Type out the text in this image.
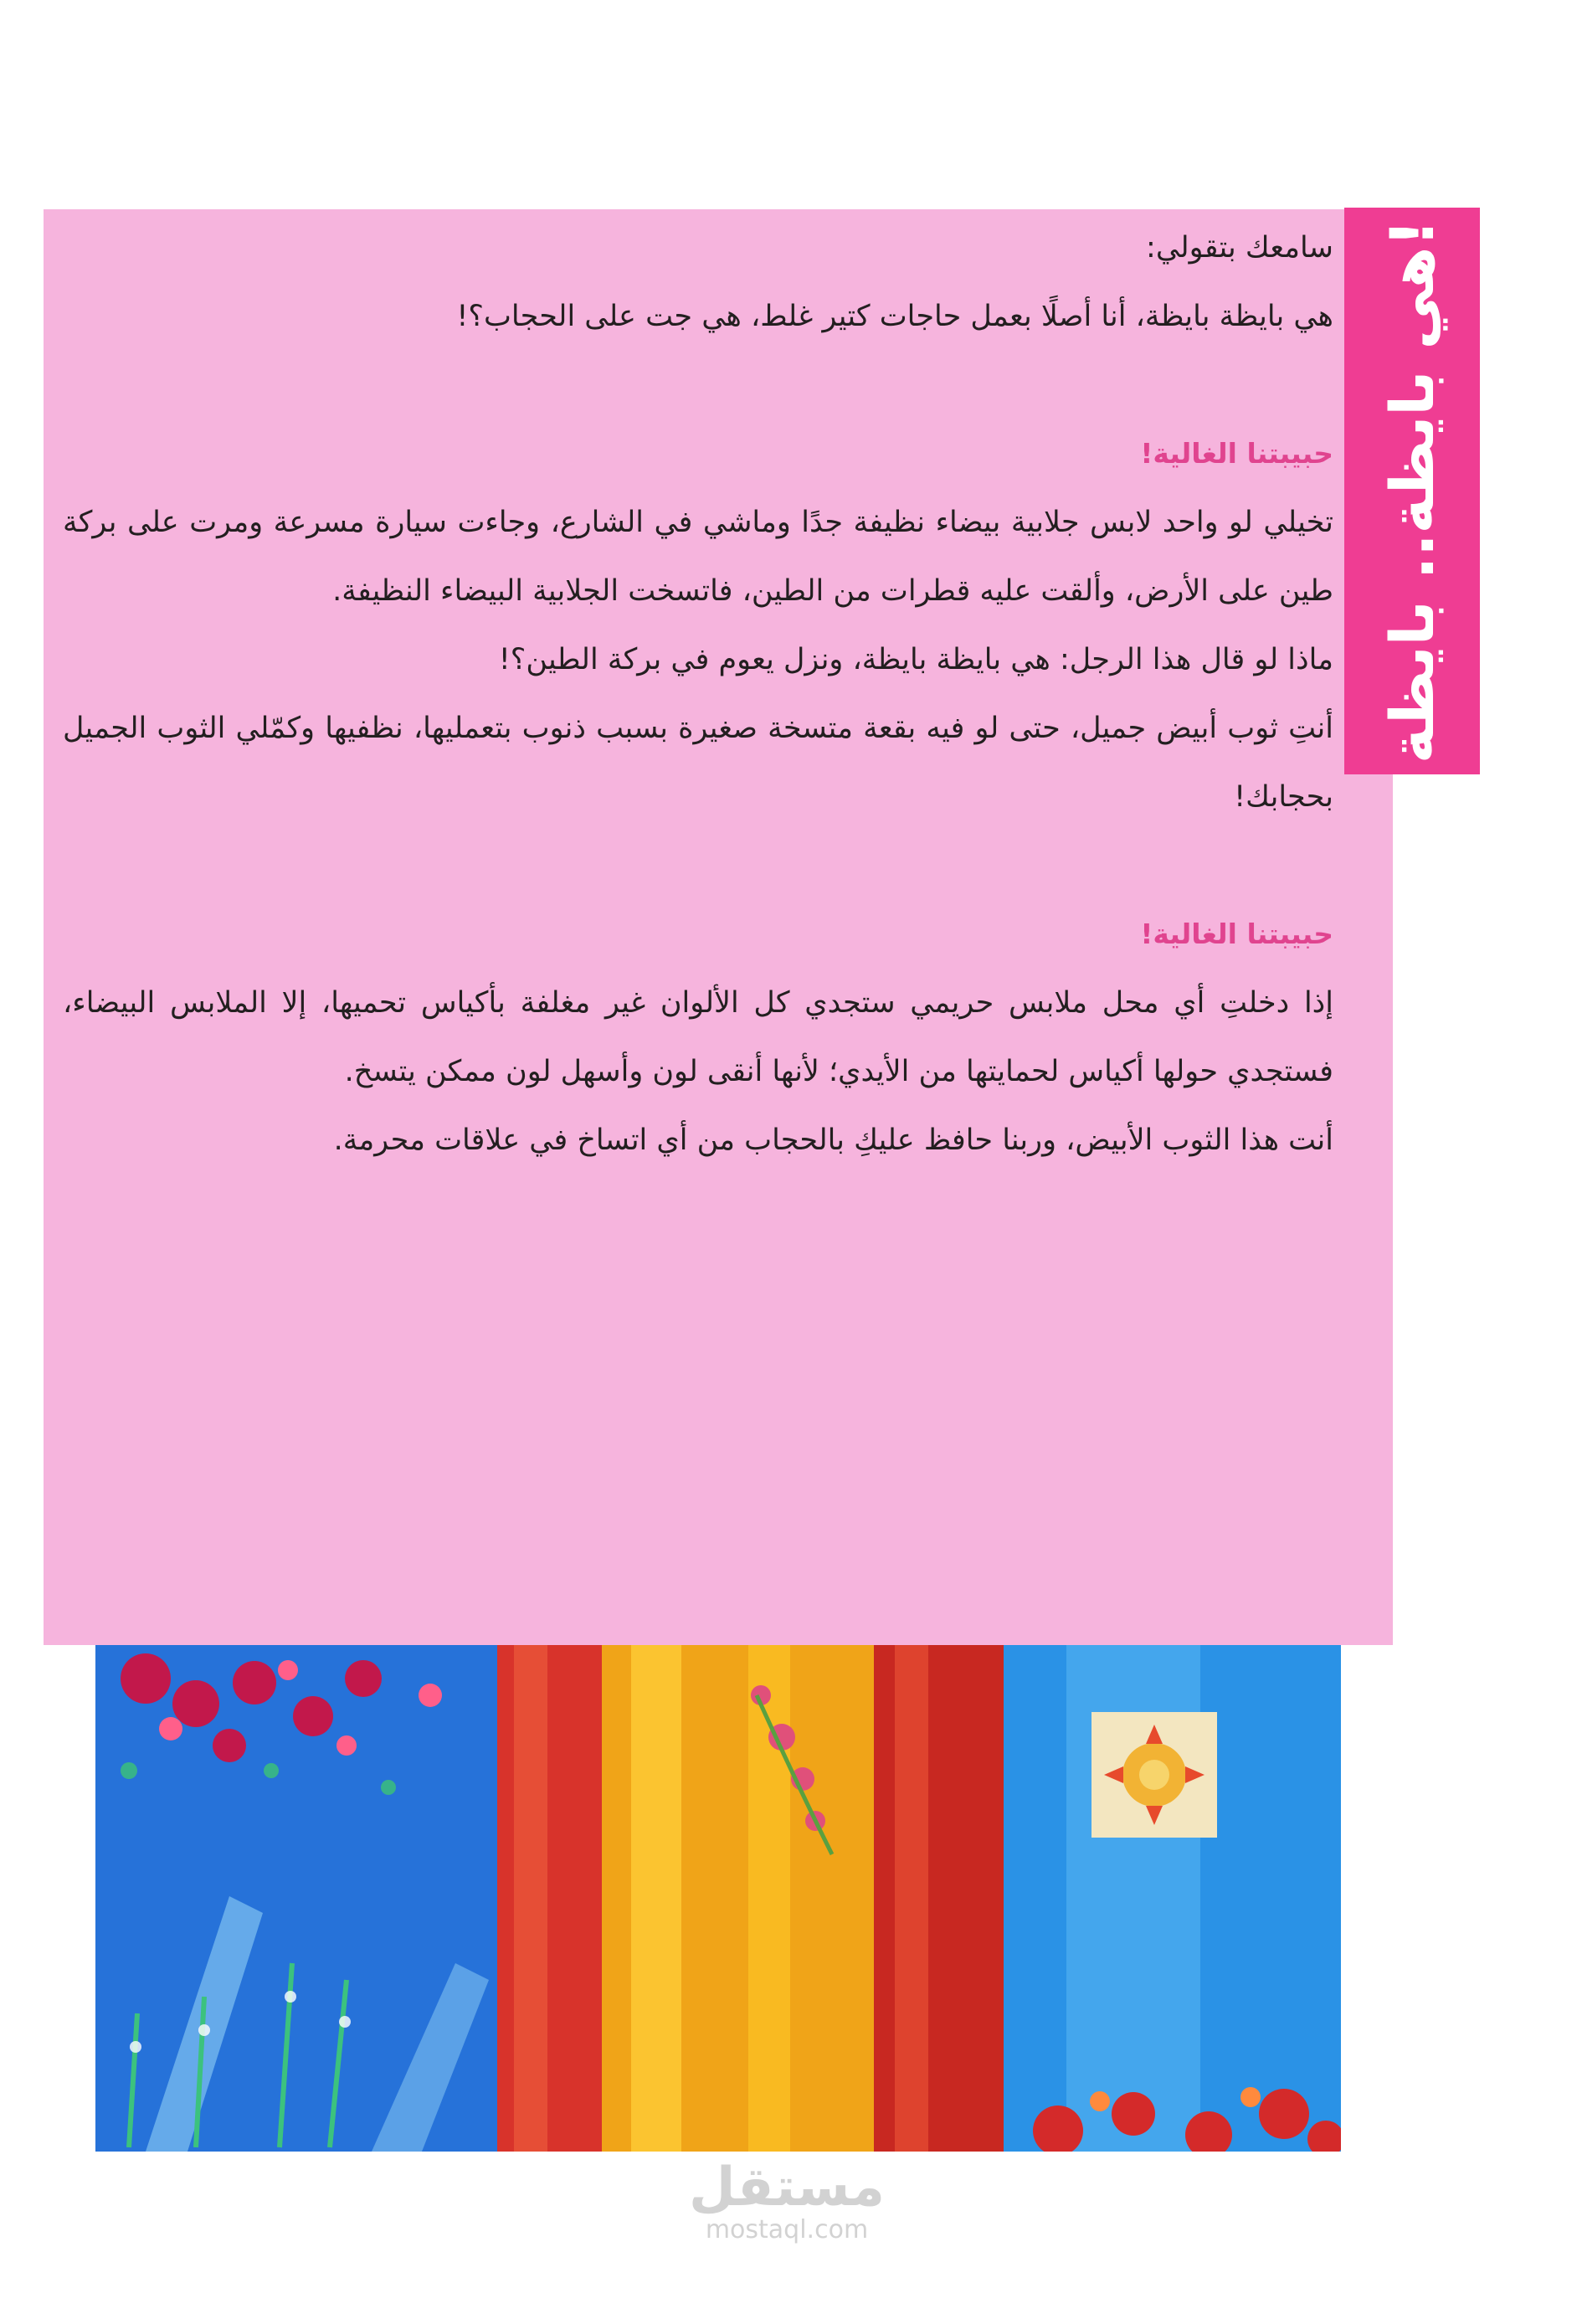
هي بايظة.. بايظة!

سامعك بتقولي:

هي بايظة بايظة، أنا أصلًا بعمل حاجات كتير غلط، هي جت على الحجاب؟!

حبيبتنا الغالية!

تخيلي لو واحد لابس جلابية بيضاء نظيفة جدًا وماشي في الشارع، وجاءت سيارة مسرعة ومرت على بركة طين على الأرض، وألقت عليه قطرات من الطين، فاتسخت الجلابية البيضاء النظيفة.

ماذا لو قال هذا الرجل: هي بايظة بايظة، ونزل يعوم في بركة الطين؟!

أنتِ ثوب أبيض جميل، حتى لو فيه بقعة متسخة صغيرة بسبب ذنوب بتعمليها، نظفيها وكمّلي الثوب الجميل بحجابك!

حبيبتنا الغالية!

إذا دخلتِ أي محل ملابس حريمي ستجدي كل الألوان غير مغلفة بأكياس تحميها، إلا الملابس البيضاء، فستجدي حولها أكياس لحمايتها من الأيدي؛ لأنها أنقى لون وأسهل لون ممكن يتسخ.

أنت هذا الثوب الأبيض، وربنا حافظ عليكِ بالحجاب من أي اتساخ في علاقات محرمة.

مستقل
mostaql.com
